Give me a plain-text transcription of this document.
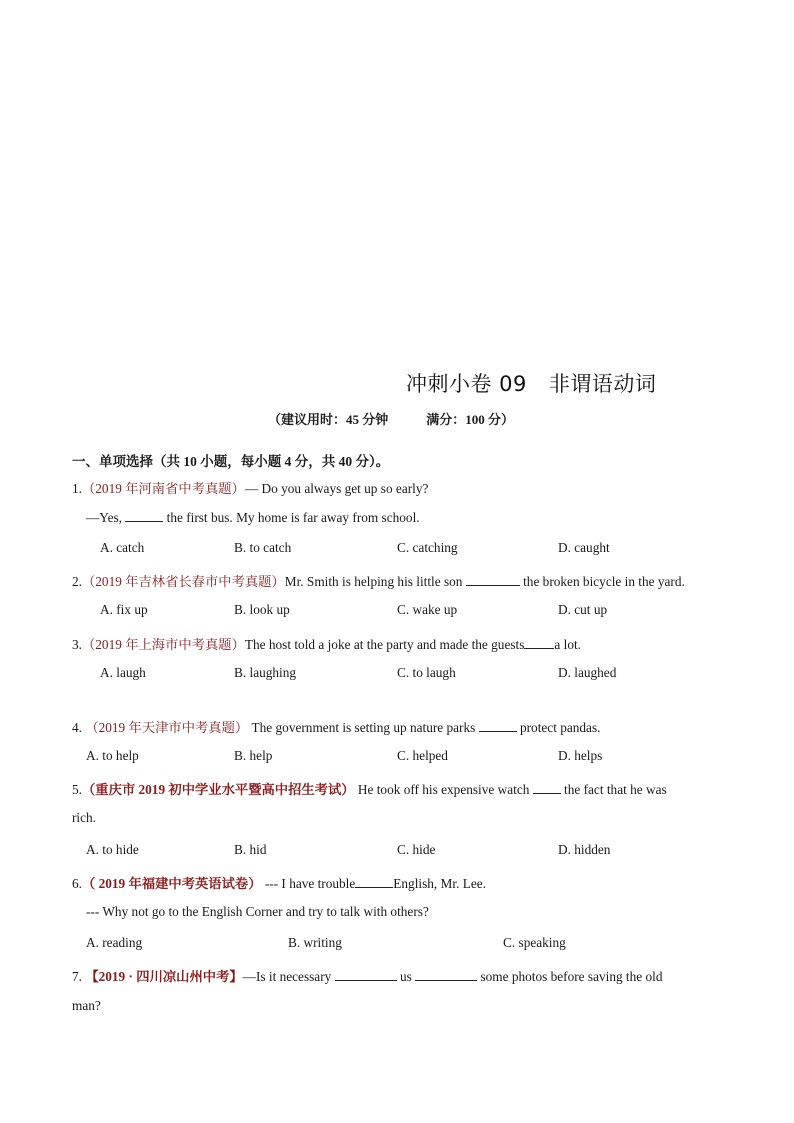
冲刺小卷 09 非谓语动词
（建议用时：45 分钟	满分：100 分）
一、单项选择（共 10 小题，每小题 4 分，共 40 分）。
1.（2019 年河南省中考真题）— Do you always get up so early?
—Yes,	the first bus. My home is far away from school.
A. catch	B. to catch	C. catching	D. caught
2.（2019 年吉林省长春市中考真题）Mr. Smith is helping his little son	the broken bicycle in the yard.
A. fix up	B. look up	C. wake up	D. cut up
3.（2019 年上海市中考真题）The host told a joke at the party and made the guests a lot.
A. laugh	B. laughing	C. to laugh	D. laughed
4. （2019 年天津市中考真题） The government is setting up nature parks	protect pandas.
A. to help	B. help	C. helped	D. helps
5.（重庆市 2019 初中学业水平暨高中招生考试） He took off his expensive watch	the fact that he was
rich.
A. to hide	B. hid	C. hide	D. hidden
6.（ 2019 年福建中考英语试卷） --- I have trouble	English, Mr. Lee.
--- Why not go to the English Corner and try to talk with others?
A. reading	B. writing	C. speaking
7. 【2019 · 四川凉山州中考】—Is it necessary	us	some photos before saving the old
man?
